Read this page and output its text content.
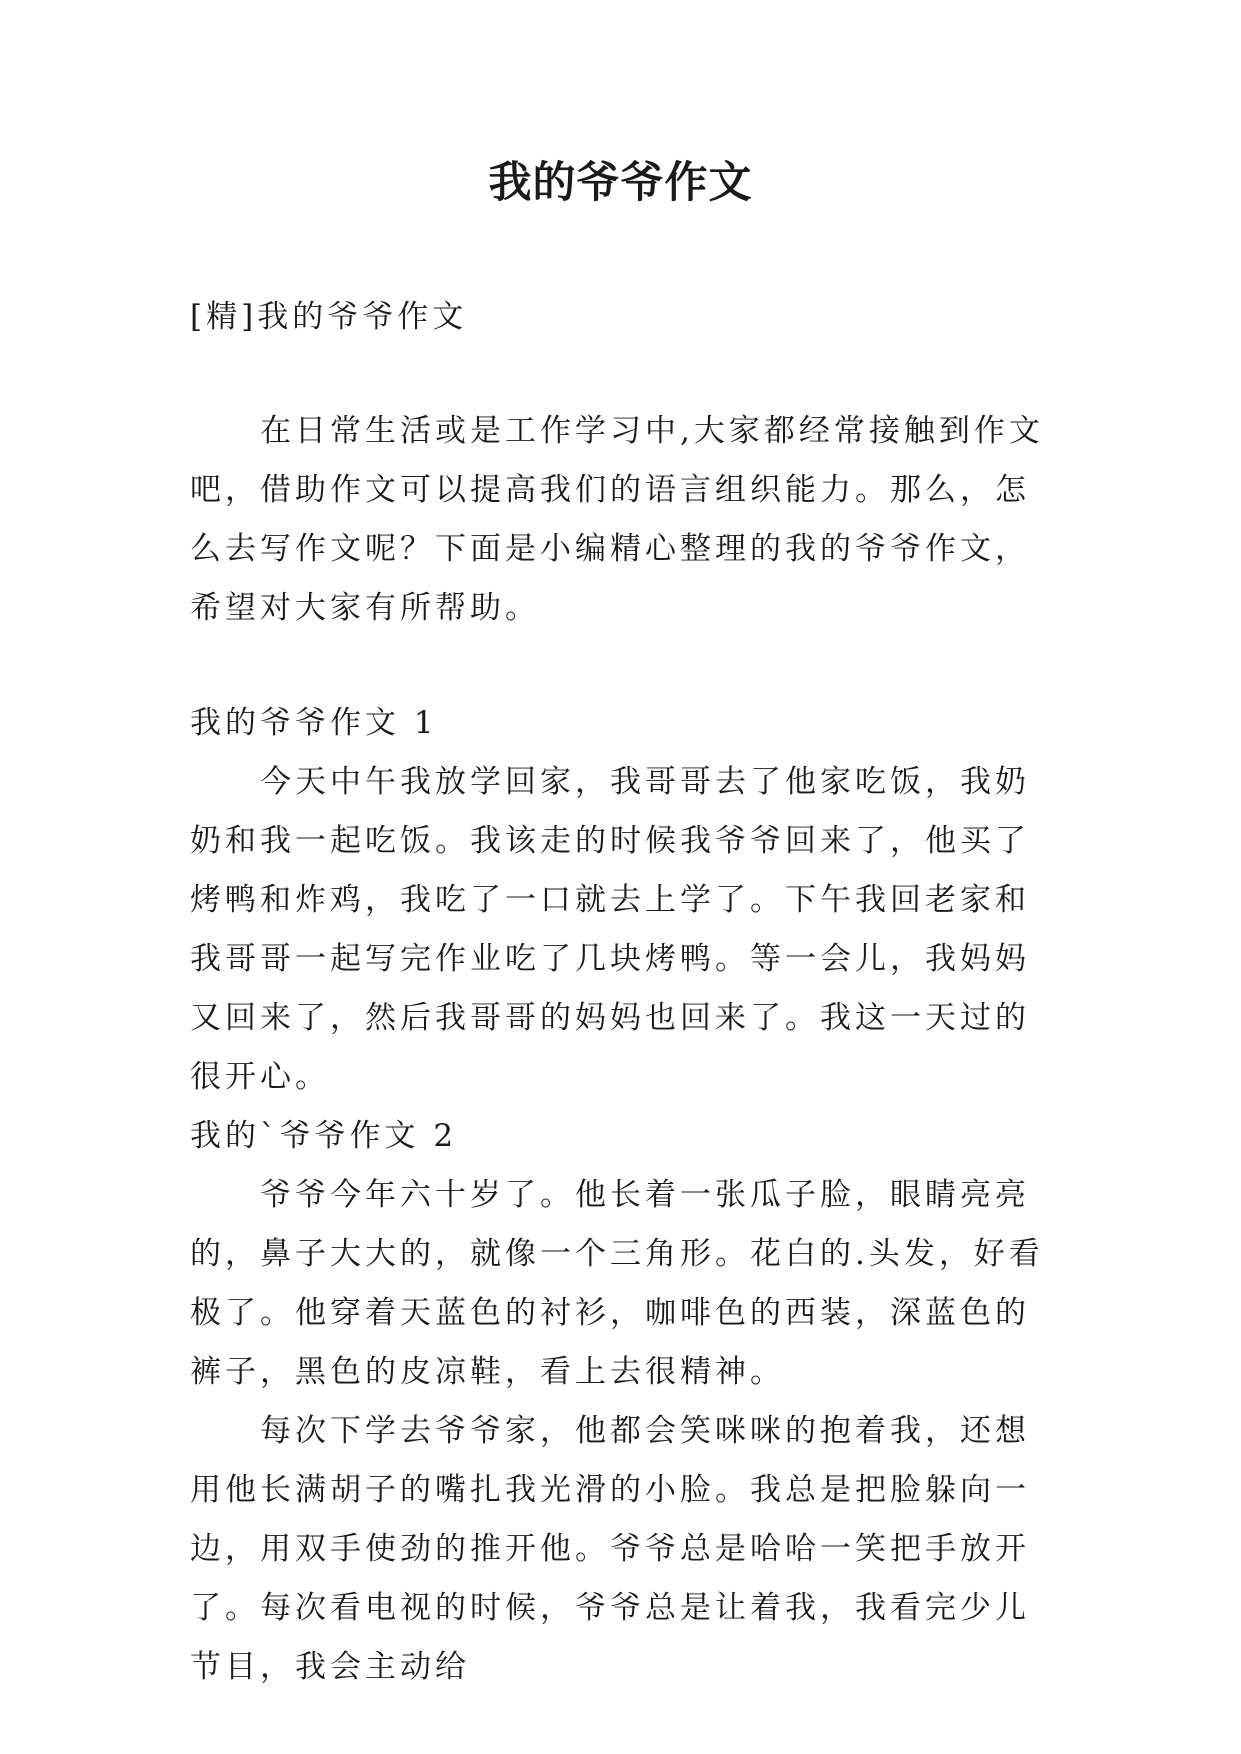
我的爷爷作文
[精]我的爷爷作文

在日常生活或是工作学习中,大家都经常接触到作文吧，借助作文可以提高我们的语言组织能力。那么，怎么去写作文呢？下面是小编精心整理的我的爷爷作文，希望对大家有所帮助。

我的爷爷作文 1

今天中午我放学回家，我哥哥去了他家吃饭，我奶奶和我一起吃饭。我该走的时候我爷爷回来了，他买了烤鸭和炸鸡，我吃了一口就去上学了。下午我回老家和我哥哥一起写完作业吃了几块烤鸭。等一会儿，我妈妈又回来了，然后我哥哥的妈妈也回来了。我这一天过的很开心。

我的`爷爷作文 2

爷爷今年六十岁了。他长着一张瓜子脸，眼睛亮亮的，鼻子大大的，就像一个三角形。花白的.头发，好看极了。他穿着天蓝色的衬衫，咖啡色的西装，深蓝色的裤子，黑色的皮凉鞋，看上去很精神。

每次下学去爷爷家，他都会笑咪咪的抱着我，还想用他长满胡子的嘴扎我光滑的小脸。我总是把脸躲向一边，用双手使劲的推开他。爷爷总是哈哈一笑把手放开了。每次看电视的时候，爷爷总是让着我，我看完少儿节目，我会主动给
